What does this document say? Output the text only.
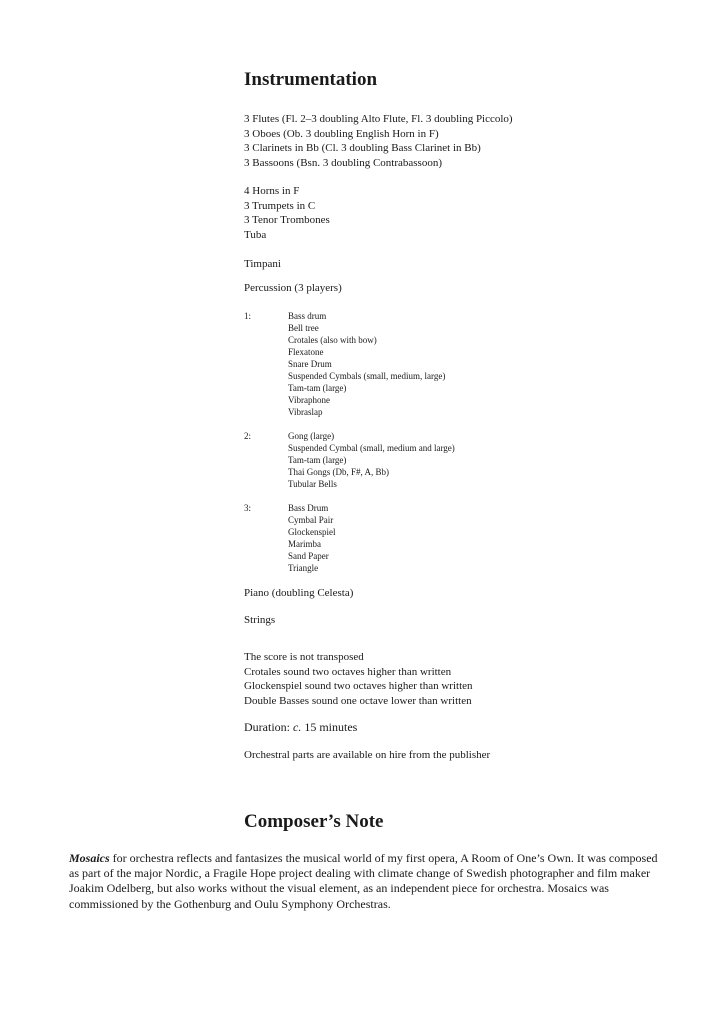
Instrumentation
3 Flutes (Fl. 2–3 doubling Alto Flute, Fl. 3 doubling Piccolo)
3 Oboes (Ob. 3 doubling English Horn in F)
3 Clarinets in Bb (Cl. 3 doubling Bass Clarinet in Bb)
3 Bassoons (Bsn. 3 doubling Contrabassoon)
4 Horns in F
3 Trumpets in C
3 Tenor Trombones
Tuba
Timpani
Percussion (3 players)
1:	Bass drum
Bell tree
Crotales (also with bow)
Flexatone
Snare Drum
Suspended Cymbals (small, medium, large)
Tam-tam (large)
Vibraphone
Vibraslap
2:	Gong (large)
Suspended Cymbal (small, medium and large)
Tam-tam (large)
Thai Gongs (Db, F#, A, Bb)
Tubular Bells
3:	Bass Drum
Cymbal Pair
Glockenspiel
Marimba
Sand Paper
Triangle
Piano (doubling Celesta)
Strings
The score is not transposed
Crotales sound two octaves higher than written
Glockenspiel sound two octaves higher than written
Double Basses sound one octave lower than written
Duration: c. 15 minutes
Orchestral parts are available on hire from the publisher
Composer’s Note
Mosaics for orchestra reflects and fantasizes the musical world of my first opera, A Room of One’s Own. It was composed as part of the major Nordic, a Fragile Hope project dealing with climate change of Swedish photographer and film maker Joakim Odelberg, but also works without the visual element, as an independent piece for orchestra. Mosaics was commissioned by the Gothenburg and Oulu Symphony Orchestras.
